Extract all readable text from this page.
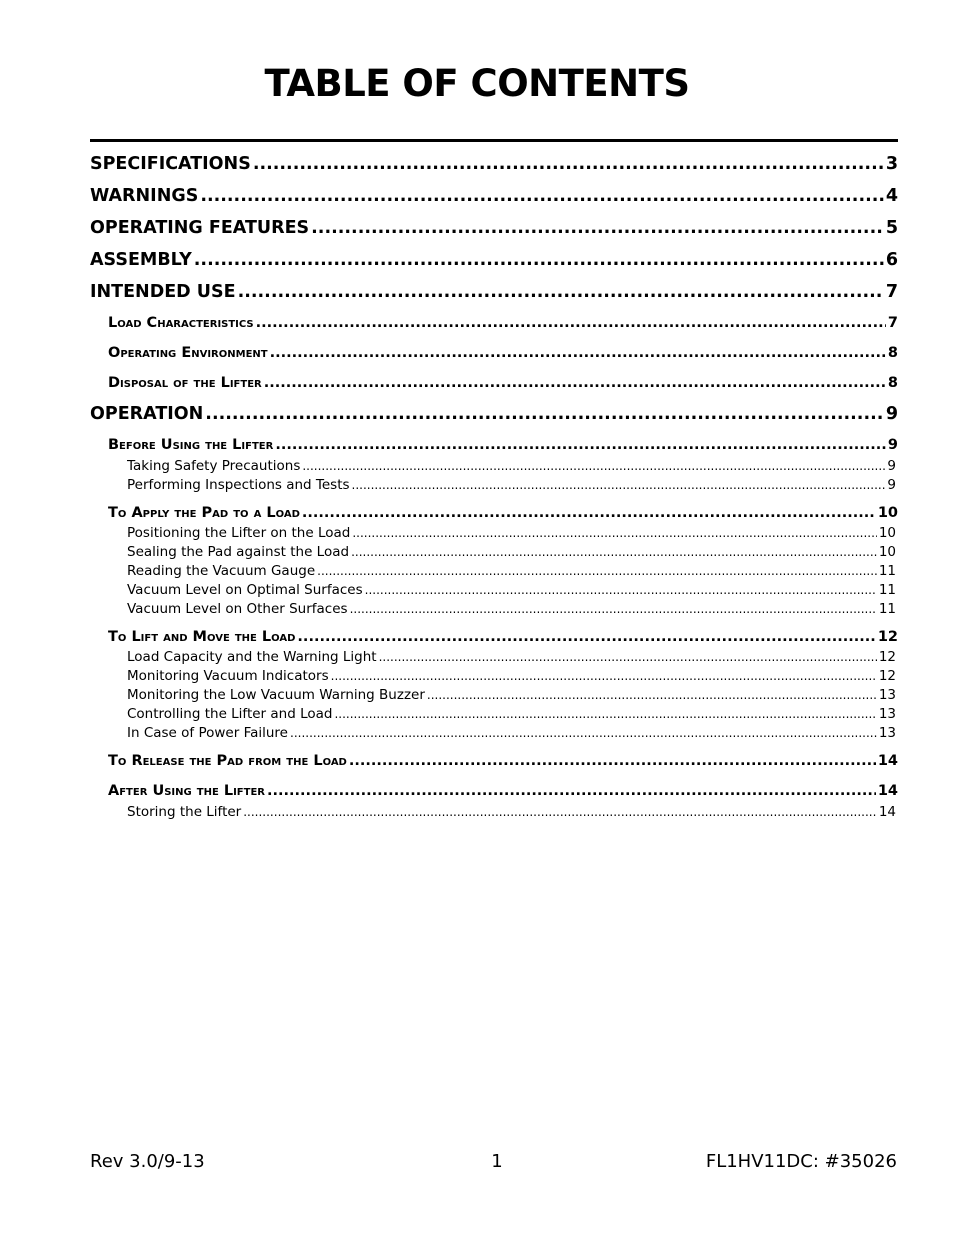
TABLE OF CONTENTS
SPECIFICATIONS .....	3
WARNINGS .....	4
OPERATING FEATURES .....	5
ASSEMBLY .....	6
INTENDED USE .....	7
Load Characteristics .....	7
Operating Environment .....	8
Disposal of the Lifter .....	8
OPERATION .....	9
Before Using the Lifter .....	9
Taking Safety Precautions .....	9
Performing Inspections and Tests .....	9
To Apply the Pad to a Load .....	10
Positioning the Lifter on the Load .....	10
Sealing the Pad against the Load .....	10
Reading the Vacuum Gauge .....	11
Vacuum Level on Optimal Surfaces .....	11
Vacuum Level on Other Surfaces .....	11
To Lift and Move the Load .....	12
Load Capacity and the Warning Light .....	12
Monitoring Vacuum Indicators .....	12
Monitoring the Low Vacuum Warning Buzzer .....	13
Controlling the Lifter and Load .....	13
In Case of Power Failure .....	13
To Release the Pad from the Load .....	14
After Using the Lifter .....	14
Storing the Lifter .....	14
Rev 3.0/9-13	1	FL1HV11DC: #35026
